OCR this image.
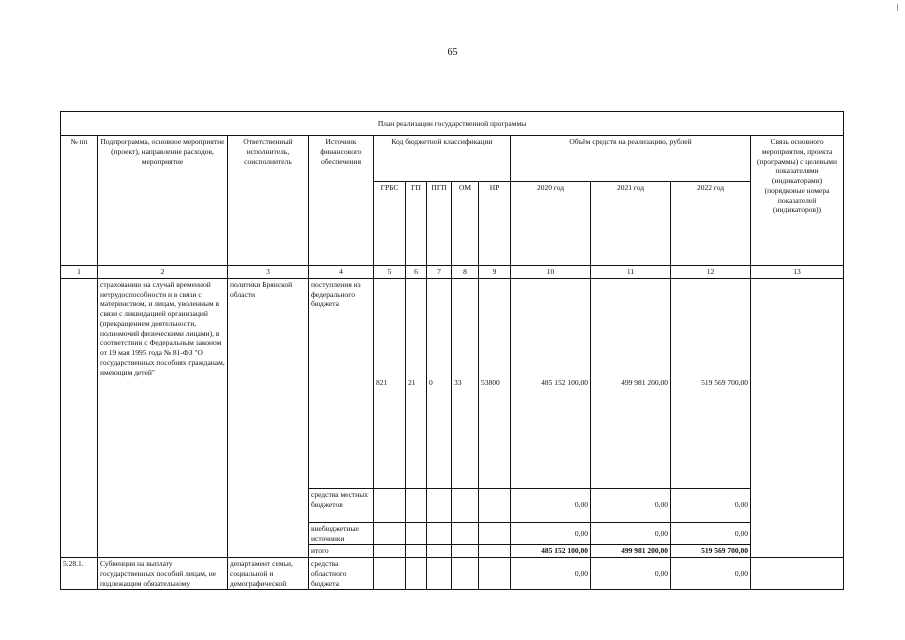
65
План реализации государственной программы												
№ пп	Подпрограмма, основное мероприятие (проект), направление расходов, мероприятие	Ответственный исполнитель, соисполнитель	Источник финансового обеспечения	Код бюджетной классификации					Объём средств на реализацию, рублей			Связь основного мероприятия, проекта (программы) с целевыми показателями (индикаторами) (порядковые номера показателей (индикаторов))
				ГРБС	ГП	ПГП	ОМ	НР	2020 год	2021 год	2022 год	
1	2	3	4	5	6	7	8	9	10	11	12	13
	страхованию на случай временной нетрудоспособности и в связи с материнством, и лицам, уволенным в связи с ликвидацией организаций (прекращением деятельности, полномочий физическими лицами), в соответствии с Федеральным законом от 19 мая 1995 года № 81-ФЗ "О государственных пособиях гражданам, имеющим детей"	политики Брянской области	поступления из федерального бюджета	821	21	0	33	53800	485 152 100,00	499 981 200,00	519 569 700,00	
			средства местных бюджетов						0,00	0,00	0,00	
			внебюджетные источники						0,00	0,00	0,00	
			итого						485 152 100,00	499 981 200,00	519 569 700,00	
5.28.1.	Субвенции на выплату государственных пособий лицам, не подлежащим обязательному	департамент семьи, социальной и демографической	средства областного бюджета						0,00	0,00	0,00	
